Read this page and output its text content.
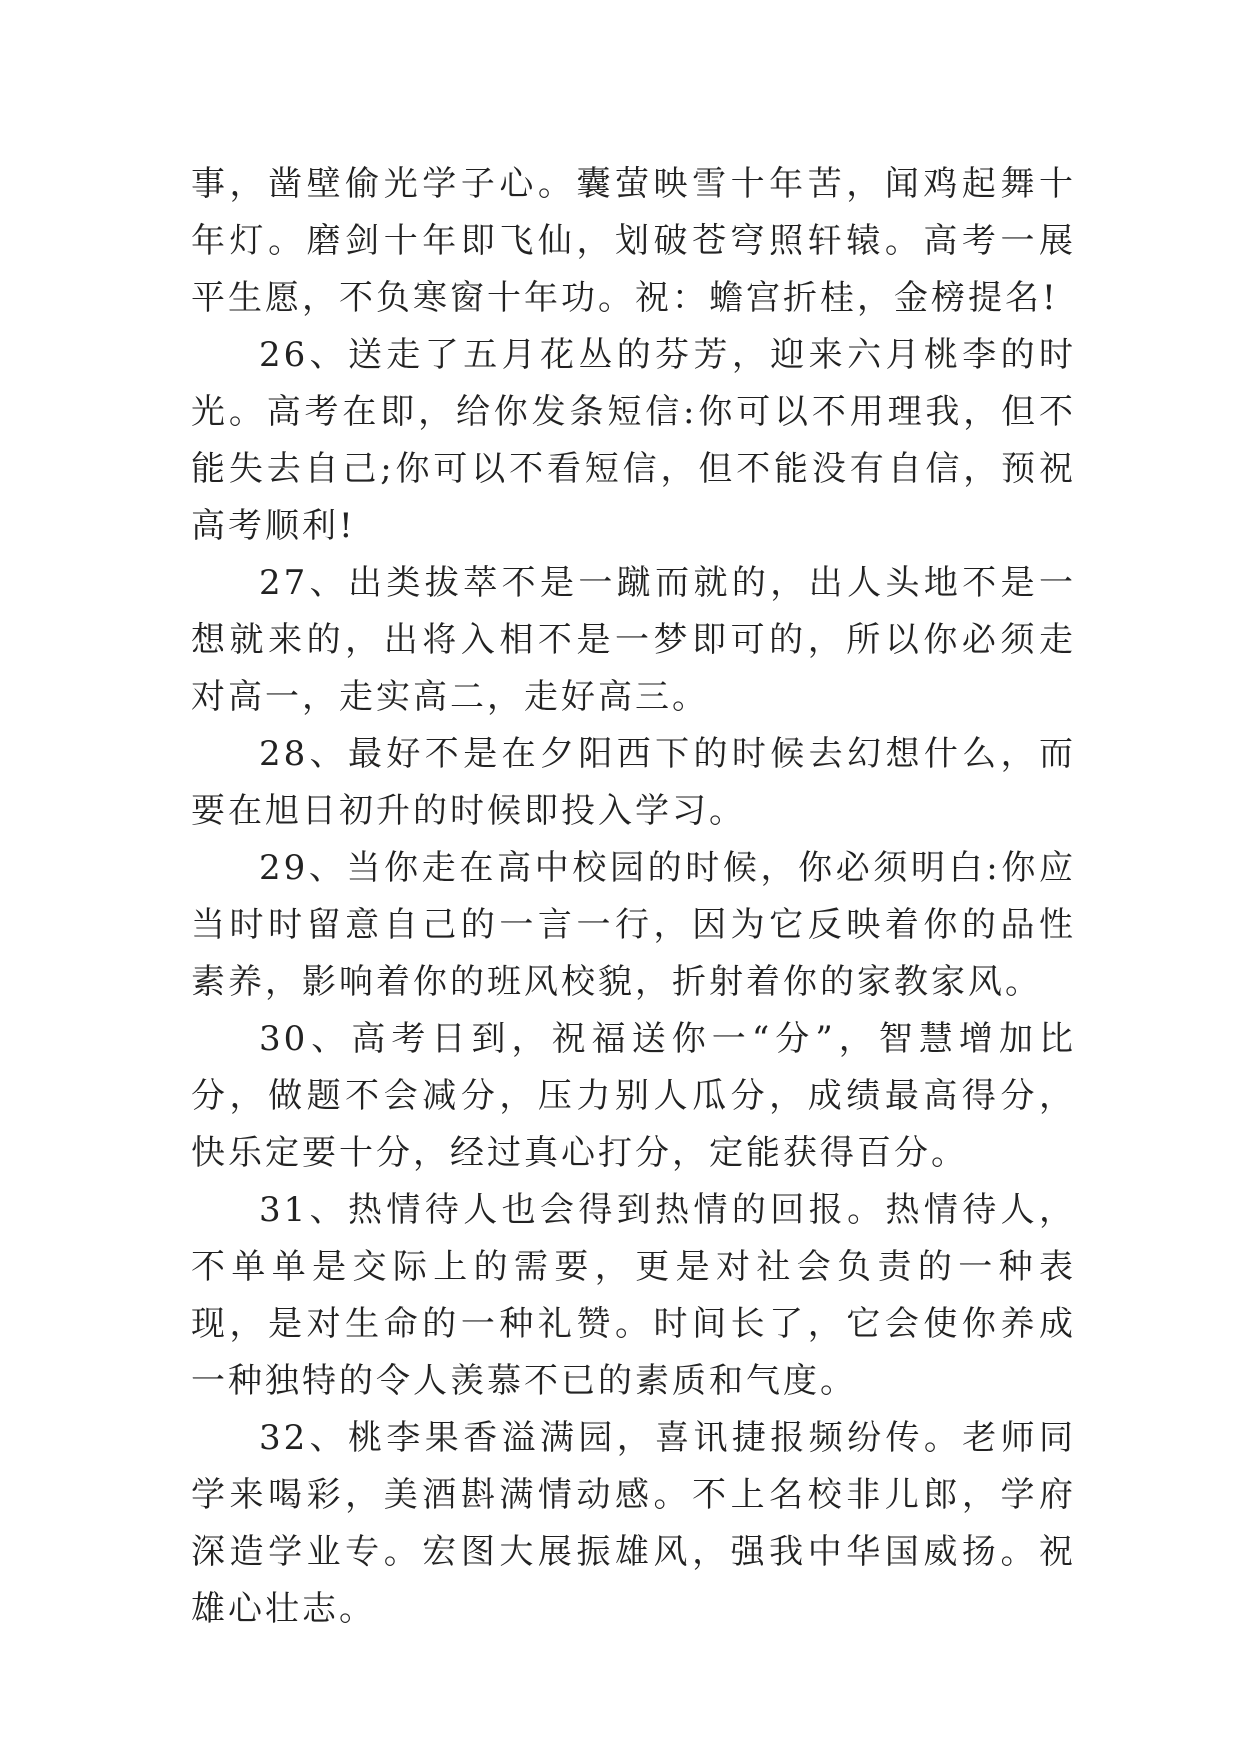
事，凿壁偷光学子心。囊萤映雪十年苦，闻鸡起舞十年灯。磨剑十年即飞仙，划破苍穹照轩辕。高考一展平生愿，不负寒窗十年功。祝：蟾宫折桂，金榜提名!

26、送走了五月花丛的芬芳，迎来六月桃李的时光。高考在即，给你发条短信:你可以不用理我，但不能失去自己;你可以不看短信，但不能没有自信，预祝高考顺利!

27、出类拔萃不是一蹴而就的，出人头地不是一想就来的，出将入相不是一梦即可的，所以你必须走对高一，走实高二，走好高三。

28、最好不是在夕阳西下的时候去幻想什么，而要在旭日初升的时候即投入学习。

29、当你走在高中校园的时候，你必须明白:你应当时时留意自己的一言一行，因为它反映着你的品性素养，影响着你的班风校貌，折射着你的家教家风。

30、高考日到，祝福送你一“分”，智慧增加比分，做题不会减分，压力别人瓜分，成绩最高得分，快乐定要十分，经过真心打分，定能获得百分。

31、热情待人也会得到热情的回报。热情待人，不单单是交际上的需要，更是对社会负责的一种表现，是对生命的一种礼赞。时间长了，它会使你养成一种独特的令人羡慕不已的素质和气度。

32、桃李果香溢满园，喜讯捷报频纷传。老师同学来喝彩，美酒斟满情动感。不上名校非儿郎，学府深造学业专。宏图大展振雄风，强我中华国威扬。祝雄心壮志。
